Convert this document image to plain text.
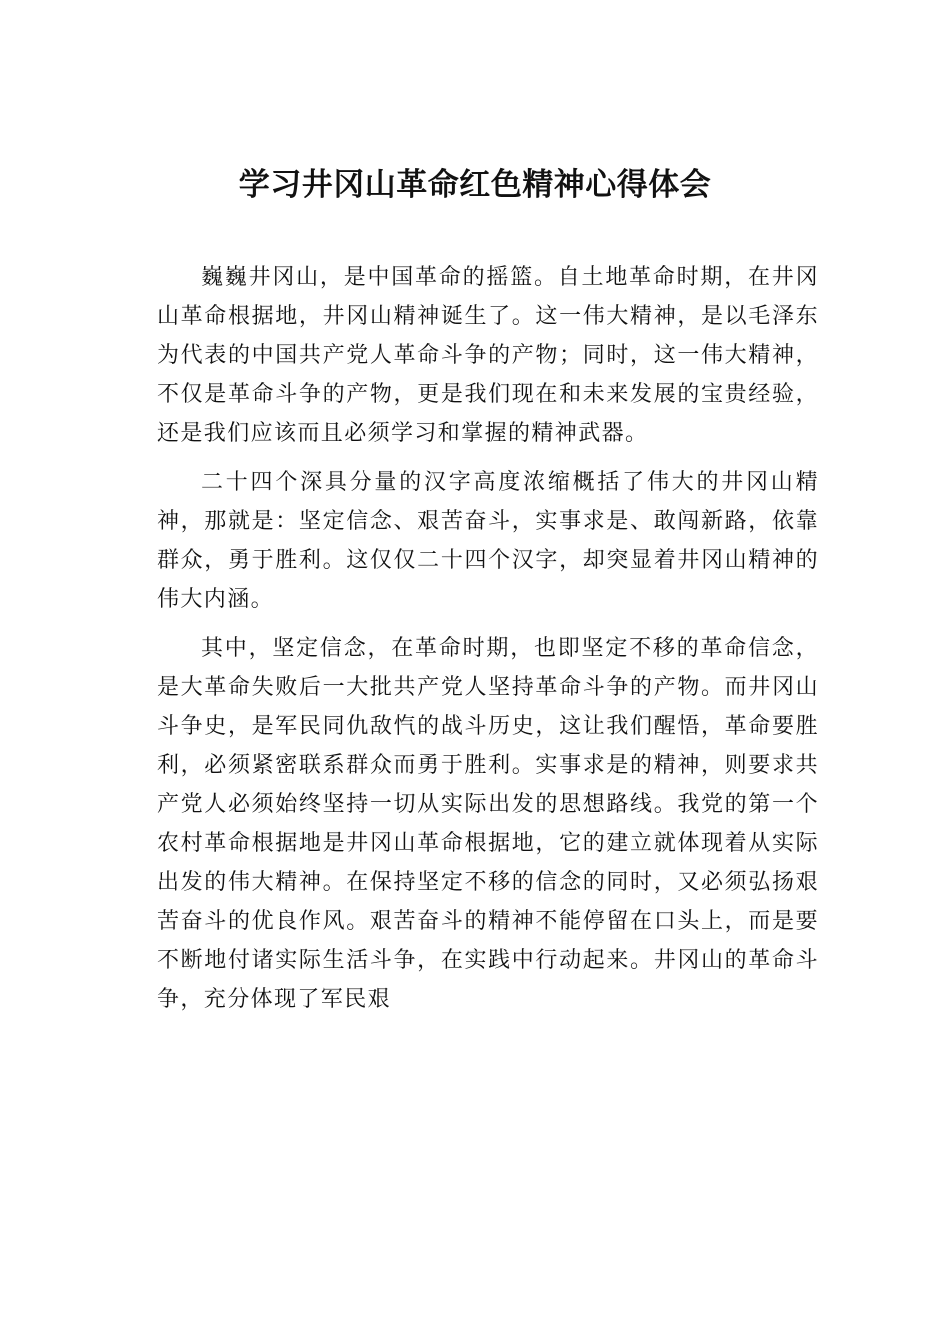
学习井冈山革命红色精神心得体会

巍巍井冈山，是中国革命的摇篮。自土地革命时期，在井冈山革命根据地，井冈山精神诞生了。这一伟大精神，是以毛泽东为代表的中国共产党人革命斗争的产物；同时，这一伟大精神，不仅是革命斗争的产物，更是我们现在和未来发展的宝贵经验，还是我们应该而且必须学习和掌握的精神武器。

二十四个深具分量的汉字高度浓缩概括了伟大的井冈山精神，那就是：坚定信念、艰苦奋斗，实事求是、敢闯新路，依靠群众，勇于胜利。这仅仅二十四个汉字，却突显着井冈山精神的伟大内涵。

其中，坚定信念，在革命时期，也即坚定不移的革命信念，是大革命失败后一大批共产党人坚持革命斗争的产物。而井冈山斗争史，是军民同仇敌忾的战斗历史，这让我们醒悟，革命要胜利，必须紧密联系群众而勇于胜利。实事求是的精神，则要求共产党人必须始终坚持一切从实际出发的思想路线。我党的第一个农村革命根据地是井冈山革命根据地，它的建立就体现着从实际出发的伟大精神。在保持坚定不移的信念的同时，又必须弘扬艰苦奋斗的优良作风。艰苦奋斗的精神不能停留在口头上，而是要不断地付诸实际生活斗争，在实践中行动起来。井冈山的革命斗争，充分体现了军民艰
